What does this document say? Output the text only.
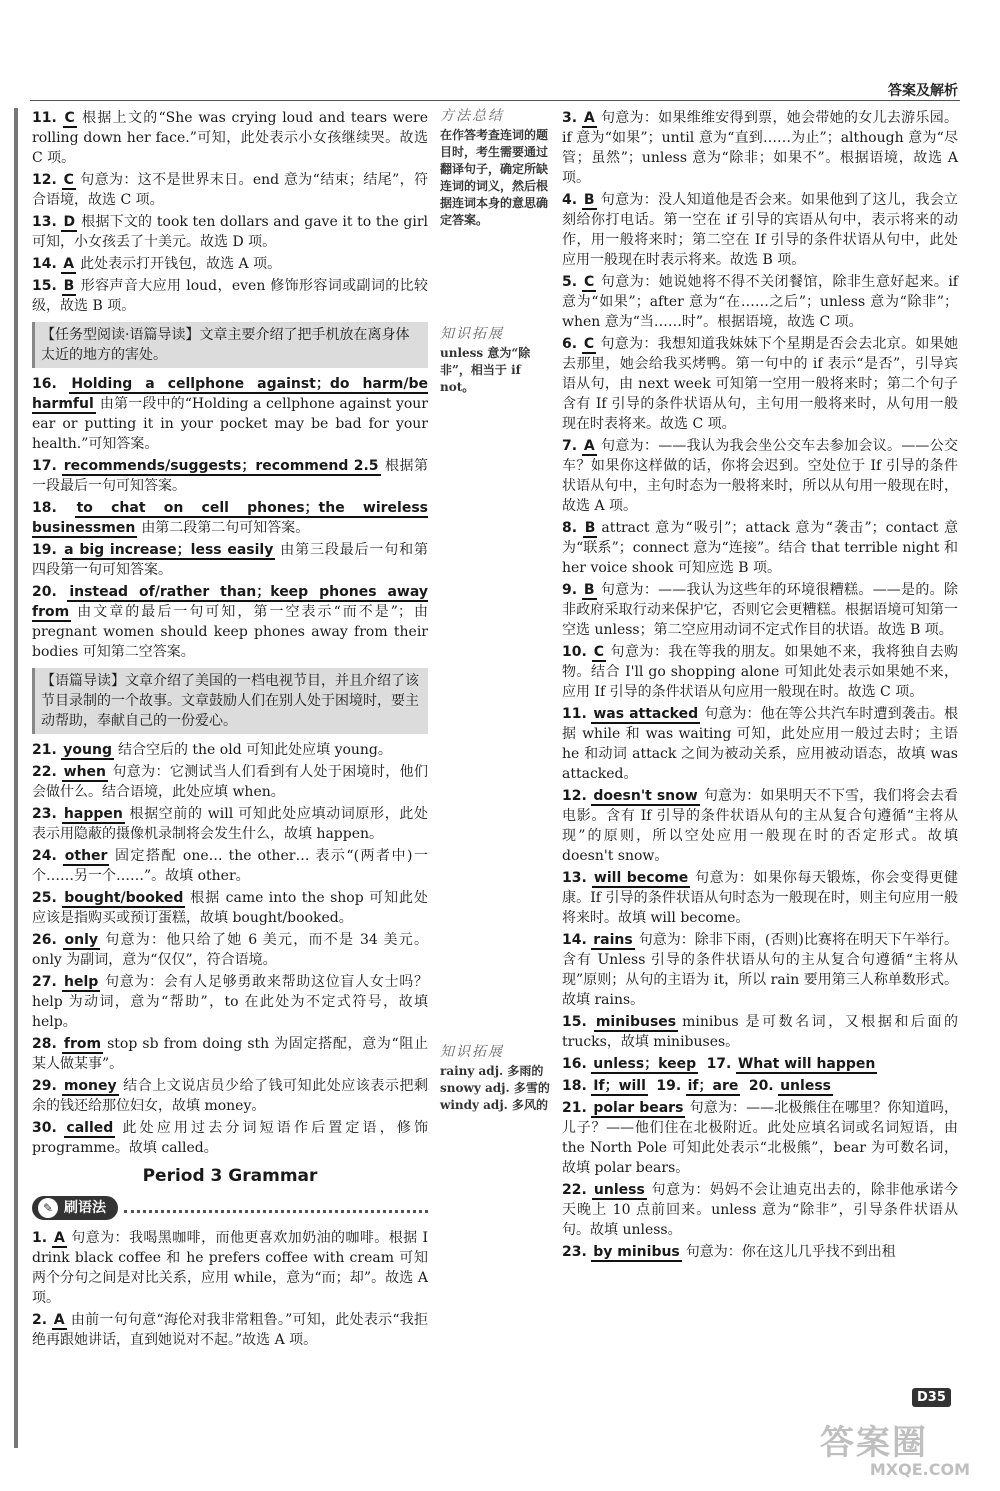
答案及解析
11. C 根据上文的“She was crying loud and tears were rolling down her face.”可知，此处表示小女孩继续哭。故选 C 项。
12. C 句意为：这不是世界末日。end 意为“结束；结尾”，符合语境，故选 C 项。
13. D 根据下文的 took ten dollars and gave it to the girl 可知，小女孩丢了十美元。故选 D 项。
14. A 此处表示打开钱包，故选 A 项。
15. B 形容声音大应用 loud，even 修饰形容词或副词的比较级，故选 B 项。
【任务型阅读·语篇导读】文章主要介绍了把手机放在离身体太近的地方的害处。
16. Holding a cellphone against；do harm/be harmful 由第一段中的“Holding a cellphone against your ear or putting it in your pocket may be bad for your health.”可知答案。
17. recommends/suggests；recommend 2.5 根据第一段最后一句可知答案。
18. to chat on cell phones；the wireless businessmen 由第二段第二句可知答案。
19. a big increase；less easily 由第三段最后一句和第四段第一句可知答案。
20. instead of/rather than；keep phones away from 由文章的最后一句可知，第一空表示“而不是”；由 pregnant women should keep phones away from their bodies 可知第二空答案。
【语篇导读】文章介绍了美国的一档电视节目，并且介绍了该节目录制的一个故事。文章鼓励人们在别人处于困境时，要主动帮助，奉献自己的一份爱心。
21. young 结合空后的 the old 可知此处应填 young。
22. when 句意为：它测试当人们看到有人处于困境时，他们会做什么。结合语境，此处应填 when。
23. happen 根据空前的 will 可知此处应填动词原形，此处表示用隐蔽的摄像机录制将会发生什么，故填 happen。
24. other 固定搭配 one… the other… 表示“(两者中)一个……另一个……”。故填 other。
25. bought/booked 根据 came into the shop 可知此处应该是指购买或预订蛋糕，故填 bought/booked。
26. only 句意为：他只给了她 6 美元，而不是 34 美元。only 为副词，意为“仅仅”，符合语境。
27. help 句意为：会有人足够勇敢来帮助这位盲人女士吗？help 为动词，意为“帮助”，to 在此处为不定式符号，故填 help。
28. from stop sb from doing sth 为固定搭配，意为“阻止某人做某事”。
29. money 结合上文说店员少给了钱可知此处应该表示把剩余的钱还给那位妇女，故填 money。
30. called 此处应用过去分词短语作后置定语，修饰 programme。故填 called。
Period 3 Grammar
✎ 刷语法
1. A 句意为：我喝黑咖啡，而他更喜欢加奶油的咖啡。根据 I drink black coffee 和 he prefers coffee with cream 可知两个分句之间是对比关系，应用 while，意为“而；却”。故选 A 项。
2. A 由前一句句意“海伦对我非常粗鲁。”可知，此处表示“我拒绝再跟她讲话，直到她说对不起。”故选 A 项。
方法总结
在作答考查连词的题目时，考生需要通过翻译句子，确定所缺连词的词义，然后根据连词本身的意思确定答案。
知识拓展
unless 意为“除非”，相当于 if not。
知识拓展
rainy adj. 多雨的 snowy adj. 多雪的 windy adj. 多风的
3. A 句意为：如果维维安得到票，她会带她的女儿去游乐园。if 意为“如果”；until 意为“直到……为止”；although 意为“尽管；虽然”；unless 意为“除非；如果不”。根据语境，故选 A 项。
4. B 句意为：没人知道他是否会来。如果他到了这儿，我会立刻给你打电话。第一空在 if 引导的宾语从句中，表示将来的动作，用一般将来时；第二空在 If 引导的条件状语从句中，此处应用一般现在时表示将来。故选 B 项。
5. C 句意为：她说她将不得不关闭餐馆，除非生意好起来。if 意为“如果”；after 意为“在……之后”；unless 意为“除非”；when 意为“当……时”。根据语境，故选 C 项。
6. C 句意为：我想知道我妹妹下个星期是否会去北京。如果她去那里，她会给我买烤鸭。第一句中的 if 表示“是否”，引导宾语从句，由 next week 可知第一空用一般将来时；第二个句子含有 If 引导的条件状语从句，主句用一般将来时，从句用一般现在时表将来。故选 C 项。
7. A 句意为：——我认为我会坐公交车去参加会议。——公交车？如果你这样做的话，你将会迟到。空处位于 If 引导的条件状语从句中，主句时态为一般将来时，所以从句用一般现在时，故选 A 项。
8. B attract 意为“吸引”；attack 意为“袭击”；contact 意为“联系”；connect 意为“连接”。结合 that terrible night 和 her voice shook 可知应选 B 项。
9. B 句意为：——我认为这些年的环境很糟糕。——是的。除非政府采取行动来保护它，否则它会更糟糕。根据语境可知第一空选 unless；第二空应用动词不定式作目的状语。故选 B 项。
10. C 句意为：我在等我的朋友。如果她不来，我将独自去购物。结合 I'll go shopping alone 可知此处表示如果她不来，应用 If 引导的条件状语从句应用一般现在时。故选 C 项。
11. was attacked 句意为：他在等公共汽车时遭到袭击。根据 while 和 was waiting 可知，此处应用一般过去时；主语 he 和动词 attack 之间为被动关系，应用被动语态，故填 was attacked。
12. doesn't snow 句意为：如果明天不下雪，我们将会去看电影。含有 If 引导的条件状语从句的主从复合句遵循“主将从现”的原则，所以空处应用一般现在时的否定形式。故填 doesn't snow。
13. will become 句意为：如果你每天锻炼，你会变得更健康。If 引导的条件状语从句时态为一般现在时，则主句应用一般将来时。故填 will become。
14. rains 句意为：除非下雨，(否则)比赛将在明天下午举行。含有 Unless 引导的条件状语从句的主从复合句遵循“主将从现”原则；从句的主语为 it，所以 rain 要用第三人称单数形式。故填 rains。
15. minibuses minibus 是可数名词，又根据和后面的 trucks，故填 minibuses。
16. unless；keep 17. What will happen
18. If；will 19. if；are 20. unless
21. polar bears 句意为：——北极熊住在哪里？你知道吗，儿子？——他们住在北极附近。此处应填名词或名词短语，由 the North Pole 可知此处表示“北极熊”，bear 为可数名词，故填 polar bears。
22. unless 句意为：妈妈不会让迪克出去的，除非他承诺今天晚上 10 点前回来。unless 意为“除非”，引导条件状语从句。故填 unless。
23. by minibus 句意为：你在这儿几乎找不到出租
D35
答案圈
MXQE.COM
